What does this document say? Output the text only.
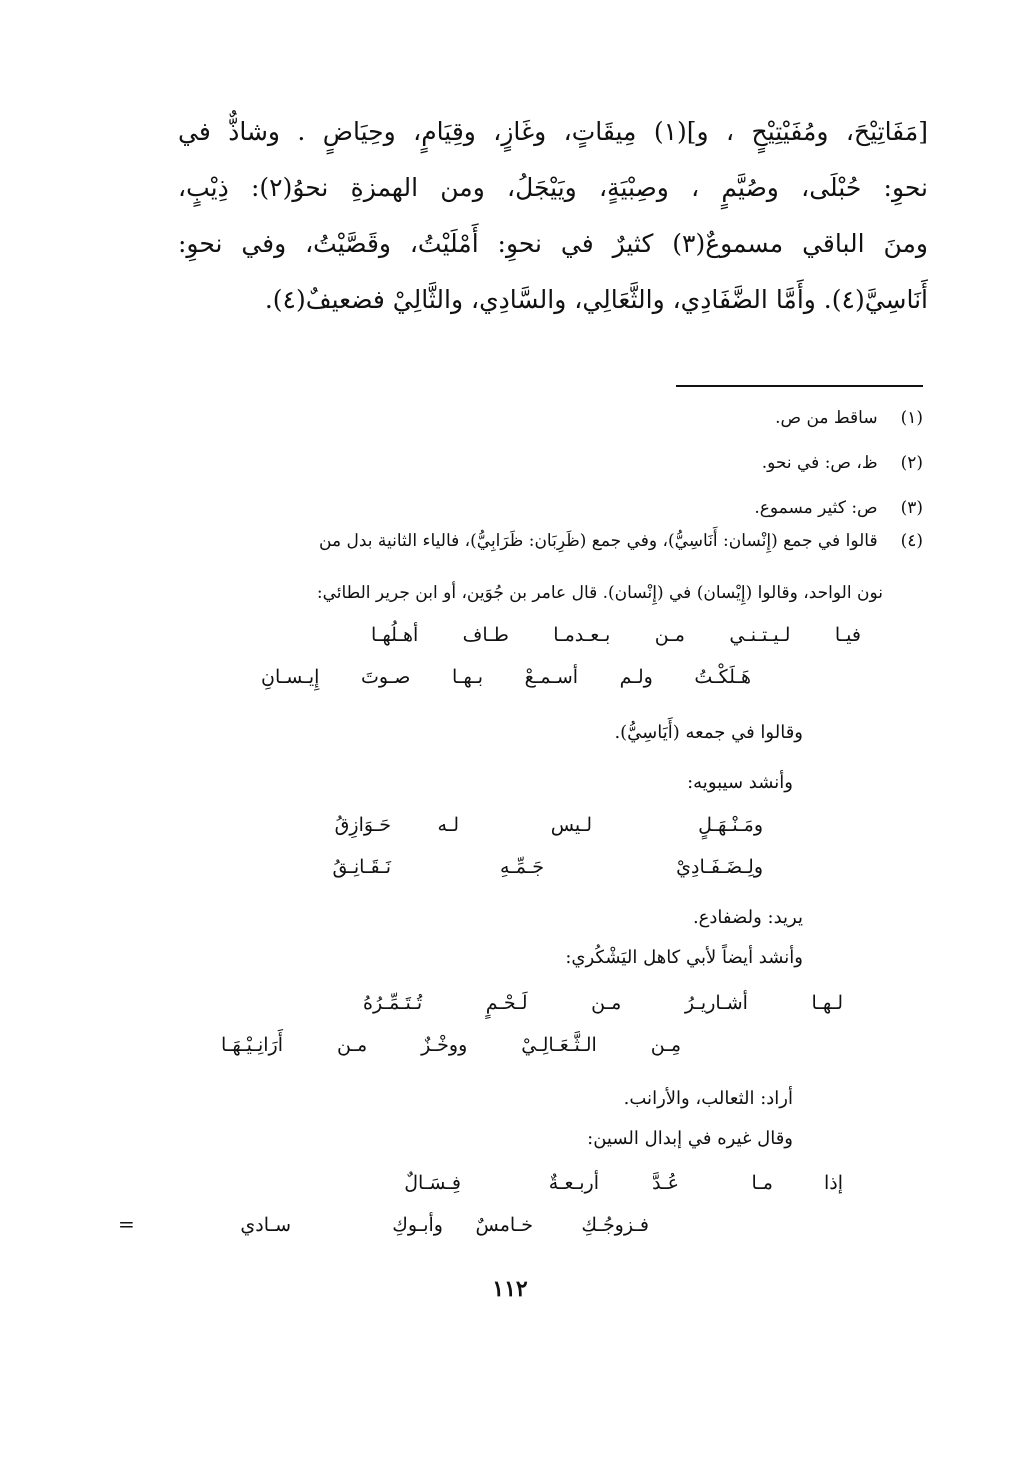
[مَفَاتِيْحَ، ومُفَيْتِيْحٍ ، و](١) مِيقَاتٍ، وغَازٍ، وقِيَامٍ، وحِيَاضٍ . وشاذٌّ في
نحوِ: حُبْلَى، وصُيَّمٍ ، وصِبْيَةٍ، ويَيْجَلُ، ومن الهمزةِ نحوُ(٢): ذِيْبٍ،
ومنَ الباقي مسموعٌ(٣) كثيرٌ في نحوِ: أَمْلَيْتُ، وقَصَّيْتُ، وفي نحوِ:
أَنَاسِيَّ(٤). وأَمَّا الضَّفَادِي، والثَّعَالِي، والسَّادِي، والثَّالِيْ فضعيفٌ(٤).
(١) ساقط من ص.
(٢) ظ، ص: في نحو.
(٣) ص: كثير مسموع.
(٤) قالوا في جمع (إِنْسان: أَنَاسِيُّ)، وفي جمع (ظَرِبَان: ظَرَابِيُّ)، فالياء الثانية بدل من
نون الواحد، وقالوا (إِيْسان) في (إِنْسان). قال عامر بن جُوَين، أو ابن جرير الطائي:
فيـا لـيـتـنـي مـن بـعـدمـا طـاف أهـلُهـا
هَـلَكْـتُ ولـم أسـمـعْ بـهـا صـوتَ إِيـسـانِ
وقالوا في جمعه (أَيَاسِيُّ).
وأنشد سيبويه:
ومَـنْـهَـلٍ
لـيس
لـه
حَـوَازِقُ
ولِـضَـفَـادِيْ
جَـمِّـهِ
نَـقَـانِـقُ
يريد: ولضفادع.
وأنشد أيضاً لأبي كاهل اليَشْكُري:
لـهـا أشـاريـرُ مـن لَـحْـمٍ تُـتَـمِّـرُهُ
مِـن الـثَّـعَـالِـيْ ووخْـزٌ مـن أَرَانِـيْـهَـا
أراد: الثعالب، والأرانب.
وقال غيره في إبدال السين:
إذا
مـا
عُـدَّ
أربـعـةٌ
فِـسَـالٌ
فـزوجُـكِ
خـامسٌ
وأبـوكِ
سـادي
=
١١٢
